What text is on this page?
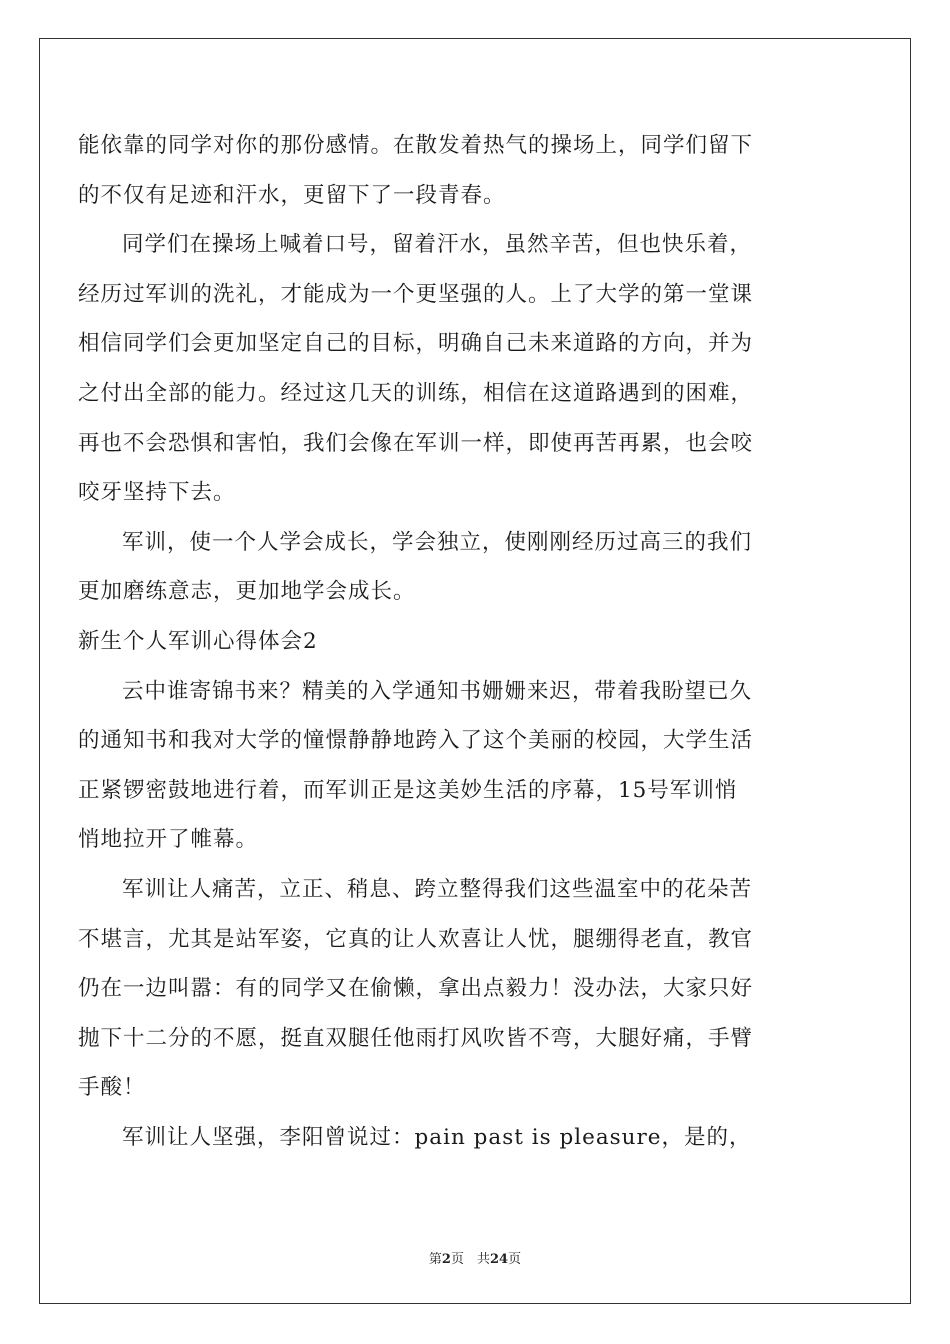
能依靠的同学对你的那份感情。在散发着热气的操场上，同学们留下
的不仅有足迹和汗水，更留下了一段青春。
同学们在操场上喊着口号，留着汗水，虽然辛苦，但也快乐着，
经历过军训的洗礼，才能成为一个更坚强的人。上了大学的第一堂课
相信同学们会更加坚定自己的目标，明确自己未来道路的方向，并为
之付出全部的能力。经过这几天的训练，相信在这道路遇到的困难，
再也不会恐惧和害怕，我们会像在军训一样，即使再苦再累，也会咬
咬牙坚持下去。
军训，使一个人学会成长，学会独立，使刚刚经历过高三的我们
更加磨练意志，更加地学会成长。
新生个人军训心得体会2
云中谁寄锦书来？精美的入学通知书姗姗来迟，带着我盼望已久
的通知书和我对大学的憧憬静静地跨入了这个美丽的校园，大学生活
正紧锣密鼓地进行着，而军训正是这美妙生活的序幕，15号军训悄
悄地拉开了帷幕。
军训让人痛苦，立正、稍息、跨立整得我们这些温室中的花朵苦
不堪言，尤其是站军姿，它真的让人欢喜让人忧，腿绷得老直，教官
仍在一边叫嚣：有的同学又在偷懒，拿出点毅力！没办法，大家只好
抛下十二分的不愿，挺直双腿任他雨打风吹皆不弯，大腿好痛，手臂
手酸！
军训让人坚强，李阳曾说过：pain past is pleasure，是的，
第2页　共24页
